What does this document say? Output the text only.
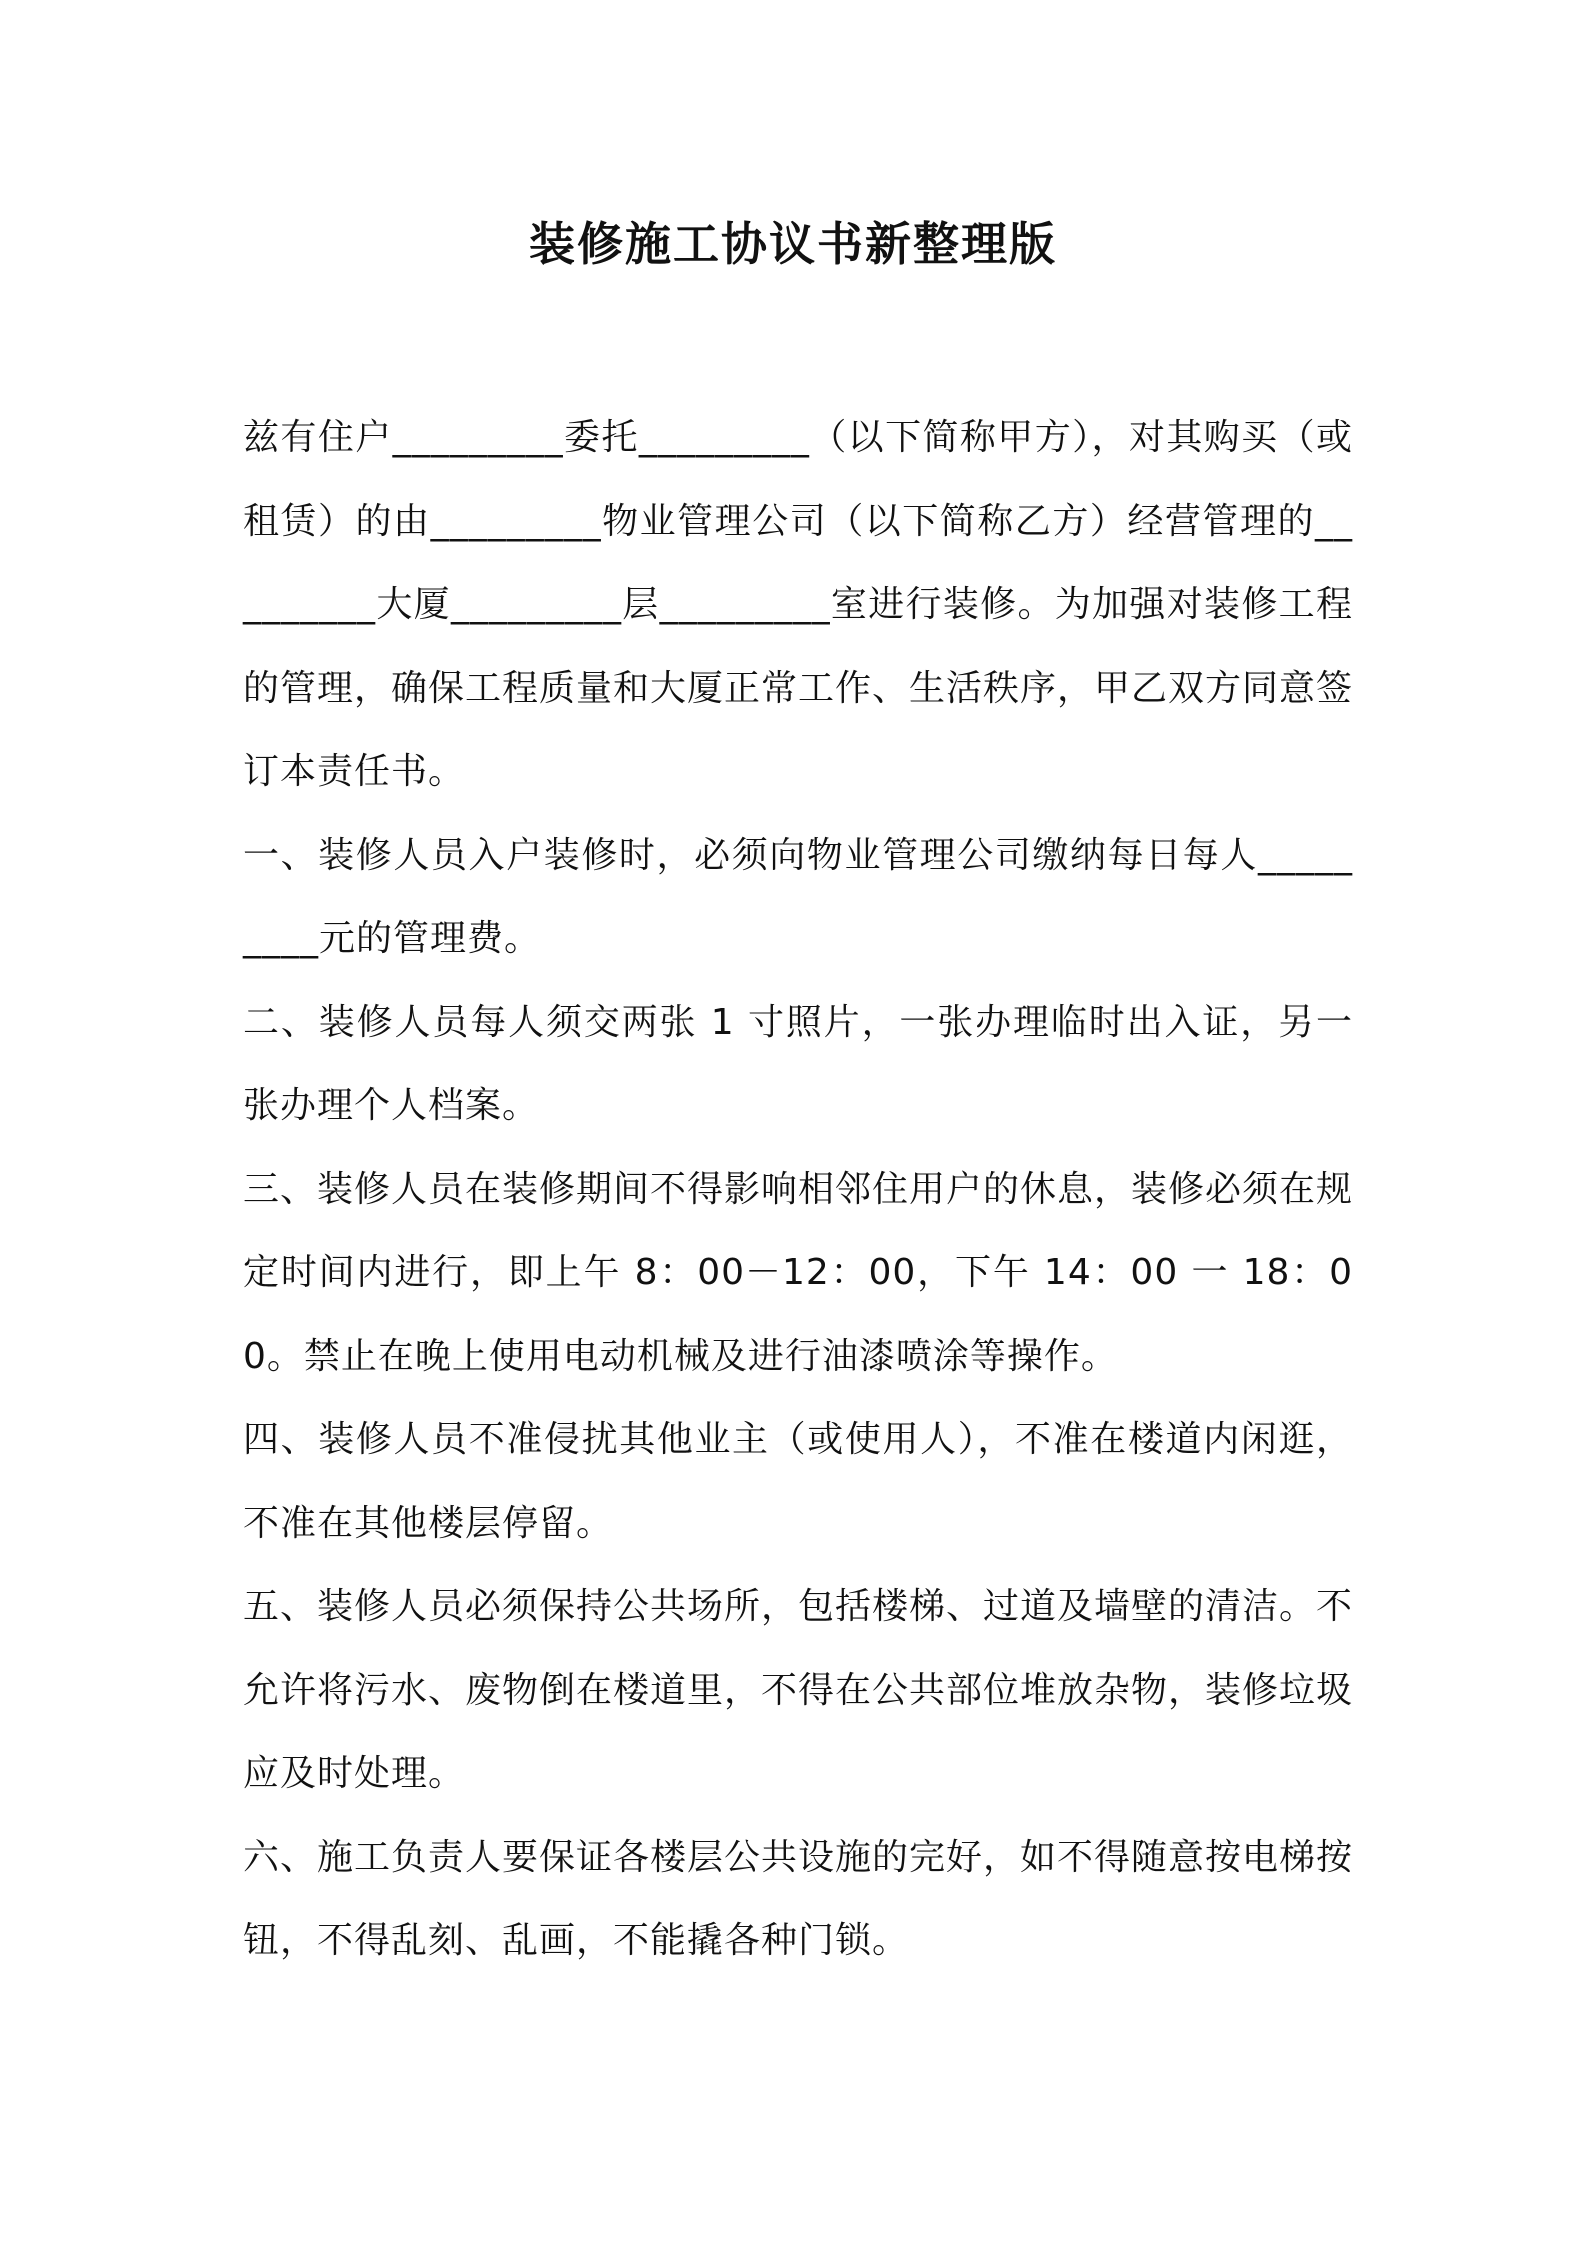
装修施工协议书新整理版

兹有住户_________委托_________（以下简称甲方），对其购买（或租赁）的由_________物业管理公司（以下简称乙方）经营管理的_________大厦_________层_________室进行装修。为加强对装修工程的管理，确保工程质量和大厦正常工作、生活秩序，甲乙双方同意签订本责任书。

一、装修人员入户装修时，必须向物业管理公司缴纳每日每人_________元的管理费。

二、装修人员每人须交两张 1 寸照片，一张办理临时出入证，另一张办理个人档案。

三、装修人员在装修期间不得影响相邻住用户的休息，装修必须在规定时间内进行，即上午 8：00－12：00，下午 14：00 一 18：00。禁止在晚上使用电动机械及进行油漆喷涂等操作。

四、装修人员不准侵扰其他业主（或使用人），不准在楼道内闲逛，不准在其他楼层停留。

五、装修人员必须保持公共场所，包括楼梯、过道及墙壁的清洁。不允许将污水、废物倒在楼道里，不得在公共部位堆放杂物，装修垃圾应及时处理。

六、施工负责人要保证各楼层公共设施的完好，如不得随意按电梯按钮，不得乱刻、乱画，不能撬各种门锁。
